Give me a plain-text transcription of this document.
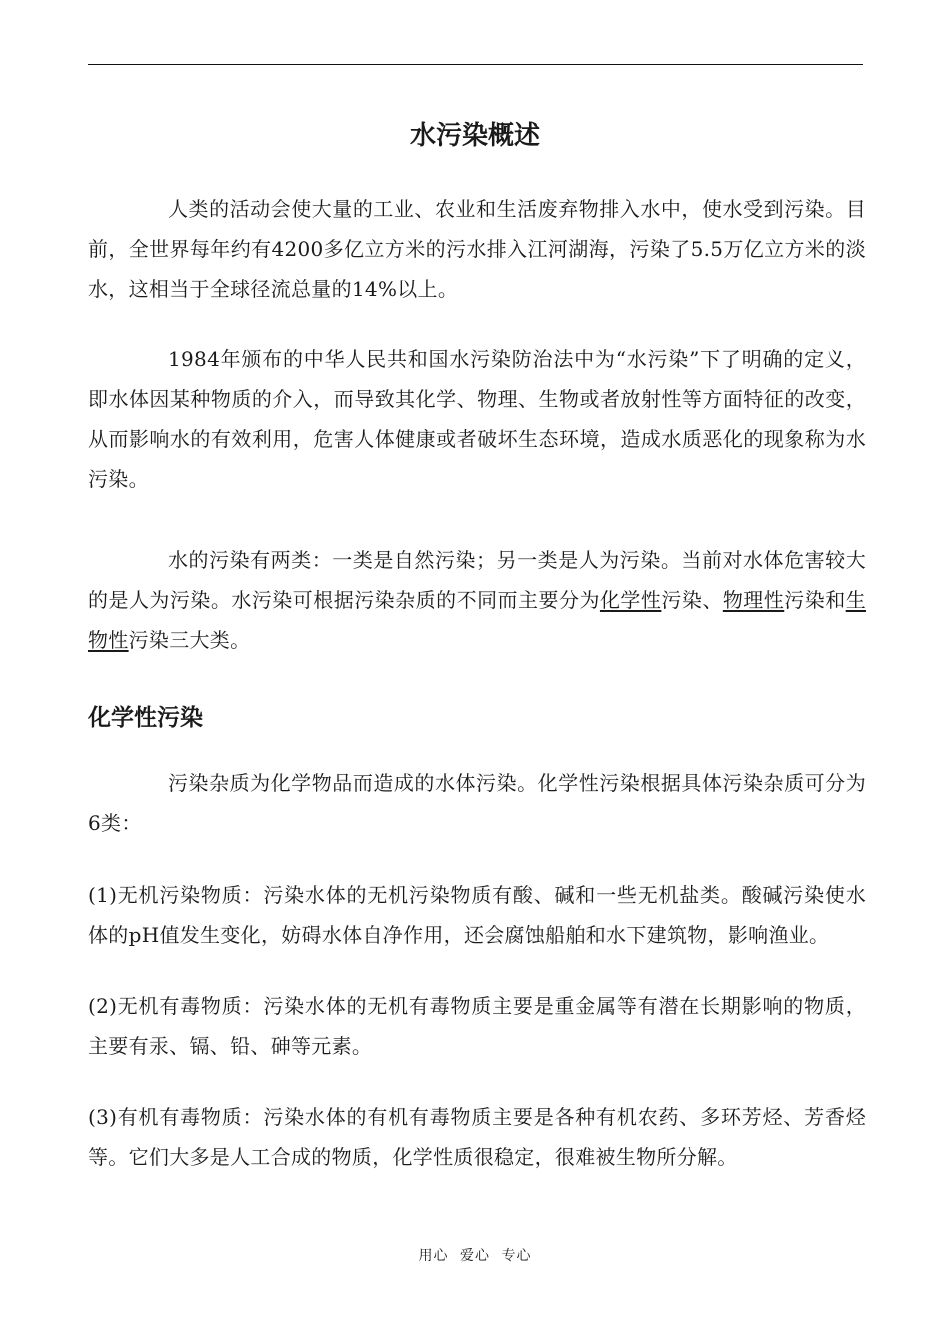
水污染概述

人类的活动会使大量的工业、农业和生活废弃物排入水中，使水受到污染。目前，全世界每年约有4200多亿立方米的污水排入江河湖海，污染了5.5万亿立方米的淡水，这相当于全球径流总量的14%以上。

1984年颁布的中华人民共和国水污染防治法中为“水污染”下了明确的定义，即水体因某种物质的介入，而导致其化学、物理、生物或者放射性等方面特征的改变，从而影响水的有效利用，危害人体健康或者破坏生态环境，造成水质恶化的现象称为水污染。

水的污染有两类：一类是自然污染；另一类是人为污染。当前对水体危害较大的是人为污染。水污染可根据污染杂质的不同而主要分为化学性污染、物理性污染和生物性污染三大类。

化学性污染

污染杂质为化学物品而造成的水体污染。化学性污染根据具体污染杂质可分为6类：

(1)无机污染物质：污染水体的无机污染物质有酸、碱和一些无机盐类。酸碱污染使水体的pH值发生变化，妨碍水体自净作用，还会腐蚀船舶和水下建筑物，影响渔业。

(2)无机有毒物质：污染水体的无机有毒物质主要是重金属等有潜在长期影响的物质，主要有汞、镉、铅、砷等元素。

(3)有机有毒物质：污染水体的有机有毒物质主要是各种有机农药、多环芳烃、芳香烃等。它们大多是人工合成的物质，化学性质很稳定，很难被生物所分解。

用心 爱心 专心
